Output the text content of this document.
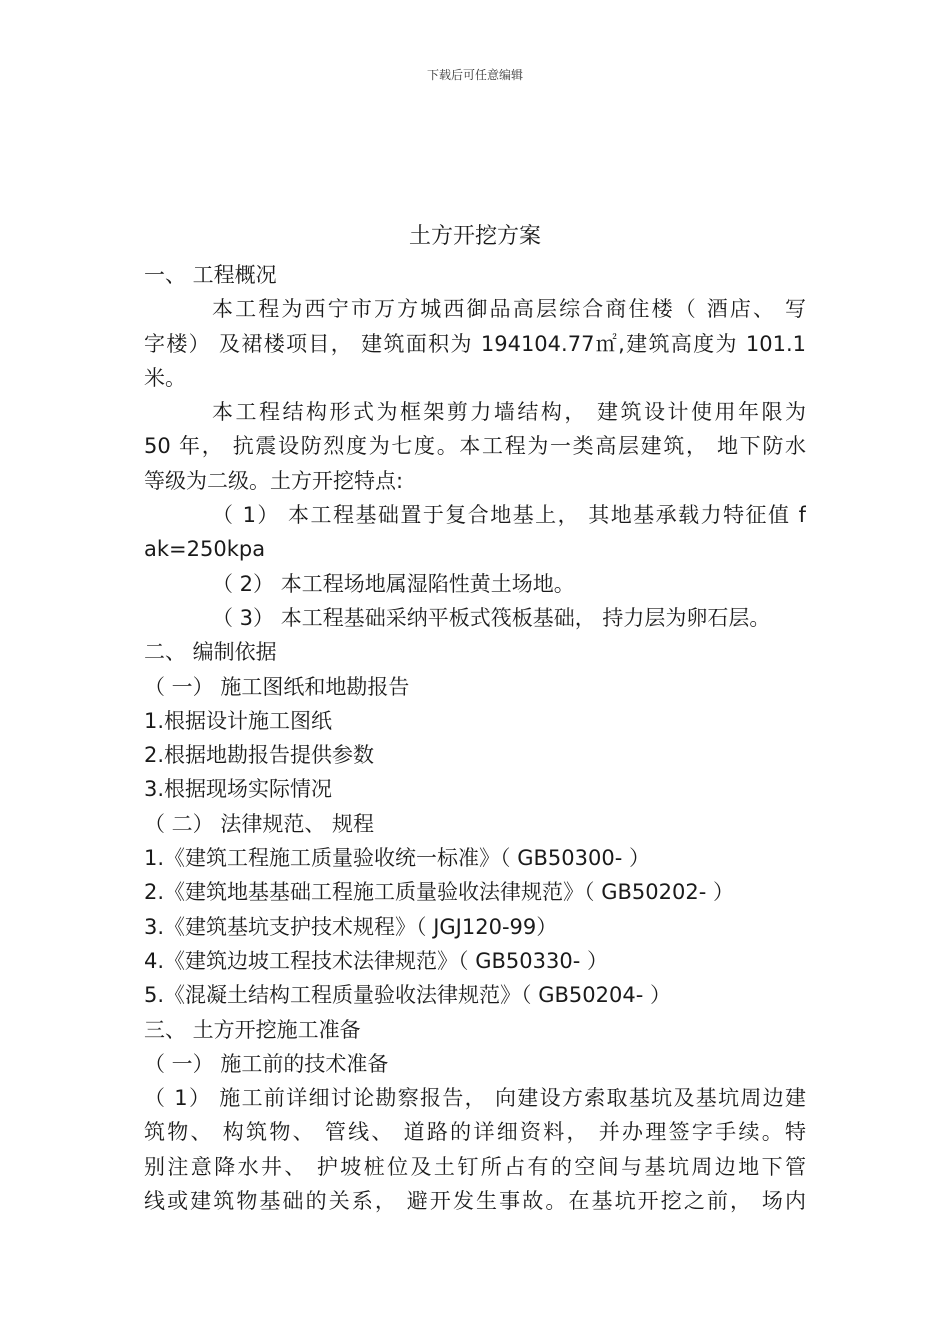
下载后可任意编辑
土方开挖方案
一、 工程概况
本工程为西宁市万方城西御品高层综合商住楼（ 酒店、 写
字楼） 及裙楼项目， 建筑面积为 194104.77㎡,建筑高度为 101.1
米。
本工程结构形式为框架剪力墙结构， 建筑设计使用年限为
50 年， 抗震设防烈度为七度。本工程为一类高层建筑， 地下防水
等级为二级。土方开挖特点:
（ 1） 本工程基础置于复合地基上， 其地基承载力特征值 f
ak=250kpa
（ 2） 本工程场地属湿陷性黄土场地。
（ 3） 本工程基础采纳平板式筏板基础， 持力层为卵石层。
二、 编制依据
（ 一） 施工图纸和地勘报告
1.根据设计施工图纸
2.根据地勘报告提供参数
3.根据现场实际情况
（ 二） 法律规范、 规程
1.《建筑工程施工质量验收统一标准》（ GB50300- ）
2.《建筑地基基础工程施工质量验收法律规范》（ GB50202- ）
3.《建筑基坑支护技术规程》（ JGJ120-99）
4.《建筑边坡工程技术法律规范》（ GB50330- ）
5.《混凝土结构工程质量验收法律规范》（ GB50204- ）
三、 土方开挖施工准备
（ 一） 施工前的技术准备
（ 1） 施工前详细讨论勘察报告， 向建设方索取基坑及基坑周边建
筑物、 构筑物、 管线、 道路的详细资料， 并办理签字手续。特
别注意降水井、 护坡桩位及土钉所占有的空间与基坑周边地下管
线或建筑物基础的关系， 避开发生事故。在基坑开挖之前， 场内
